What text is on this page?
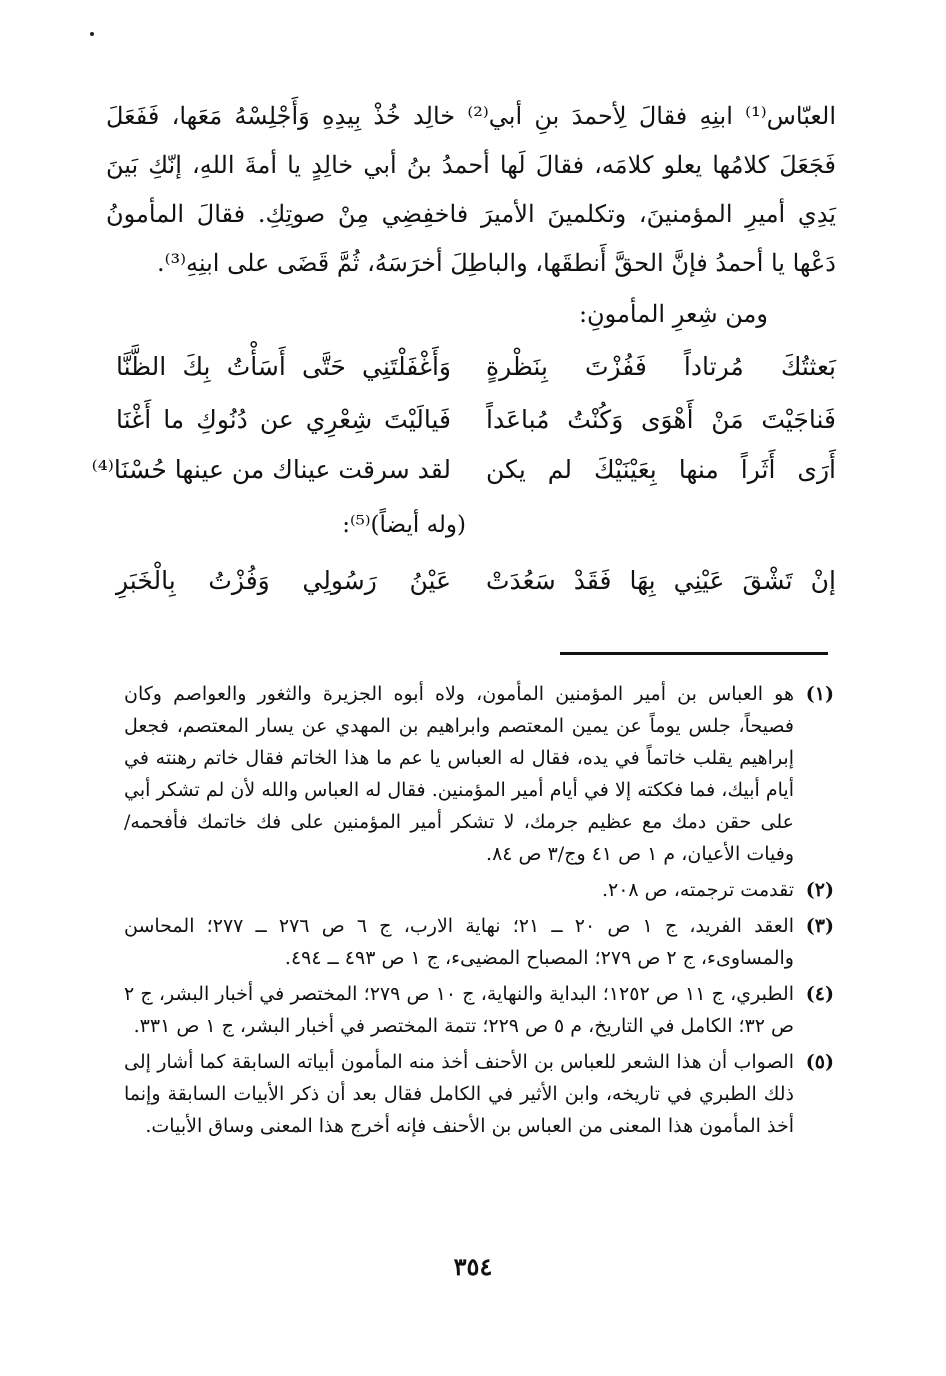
العبّاس⁽¹⁾ ابنِهِ فقالَ لِأحمدَ بنِ أبي⁽²⁾ خالِد خُذْ بِيدِهِ وَأَجْلِسْهُ مَعَها، فَفَعَلَ فَجَعَلَ كلامُها يعلو كلامَه، فقالَ لَها أحمدُ بنُ أبي خالِدٍ يا أمةَ اللهِ، إنّكِ بَينَ يَدِي أميرِ المؤمنينَ، وتكلمينَ الأميرَ فاخفِضِي مِنْ صوتِكِ. فقالَ المأمونُ دَعْها يا أحمدُ فإنَّ الحقَّ أَنطقَها، والباطِلَ أخرَسَهُ، ثُمَّ قَضَى على ابنِهِ⁽³⁾.

ومن شِعرِ المأمونِ:
بَعثتُكَ مُرتاداً فَفُزْتَ بِنَظْرةٍ
وَأَغْفَلْتَنِي حَتَّى أَسَأْتُ بِكَ الظَّنَّا
فَناجَيْتَ مَنْ أَهْوَى وَكُنْتُ مُباعَداً
فَيالَيْتَ شِعْرِي عن دُنُوكِ ما أَغْنَا
أَرَى أَثَراً منها بِعَيْنَيْكَ لم يكن
لقد سرقت عيناك من عينها حُسْنَا⁽⁴⁾
(وله أيضاً)⁽⁵⁾:
إنْ تَشْقَ عَيْنِي بِهَا فَقَدْ سَعُدَتْ
عَيْنُ رَسُولِي وَفُزْتُ بِالْخَبَرِ
(١)
هو العباس بن أمير المؤمنين المأمون، ولاه أبوه الجزيرة والثغور والعواصم وكان فصيحاً، جلس يوماً عن يمين المعتصم وابراهيم بن المهدي عن يسار المعتصم، فجعل إبراهيم يقلب خاتماً في يده، فقال له العباس يا عم ما هذا الخاتم فقال خاتم رهنته في أيام أبيك، فما فككته إلا في أيام أمير المؤمنين. فقال له العباس والله لأن لم تشكر أبي على حقن دمك مع عظيم جرمك، لا تشكر أمير المؤمنين على فك خاتمك فأفحمه/ وفيات الأعيان، م ١ ص ٤١ وج/٣ ص ٨٤.
(٢)
تقدمت ترجمته، ص ٢٠٨.
(٣)
العقد الفريد، ج ١ ص ٢٠ ــ ٢١؛ نهاية الارب، ج ٦ ص ٢٧٦ ــ ٢٧٧؛ المحاسن والمساوىء، ج ٢ ص ٢٧٩؛ المصباح المضيىء، ج ١ ص ٤٩٣ ــ ٤٩٤.
(٤)
الطبري، ج ١١ ص ١٢٥٢؛ البداية والنهاية، ج ١٠ ص ٢٧٩؛ المختصر في أخبار البشر، ج ٢ ص ٣٢؛ الكامل في التاريخ، م ٥ ص ٢٢٩؛ تتمة المختصر في أخبار البشر، ج ١ ص ٣٣١.
(٥)
الصواب أن هذا الشعر للعباس بن الأحنف أخذ منه المأمون أبياته السابقة كما أشار إلى ذلك الطبري في تاريخه، وابن الأثير في الكامل فقال بعد أن ذكر الأبيات السابقة وإنما أخذ المأمون هذا المعنى من العباس بن الأحنف فإنه أخرج هذا المعنى وساق الأبيات.
٣٥٤
